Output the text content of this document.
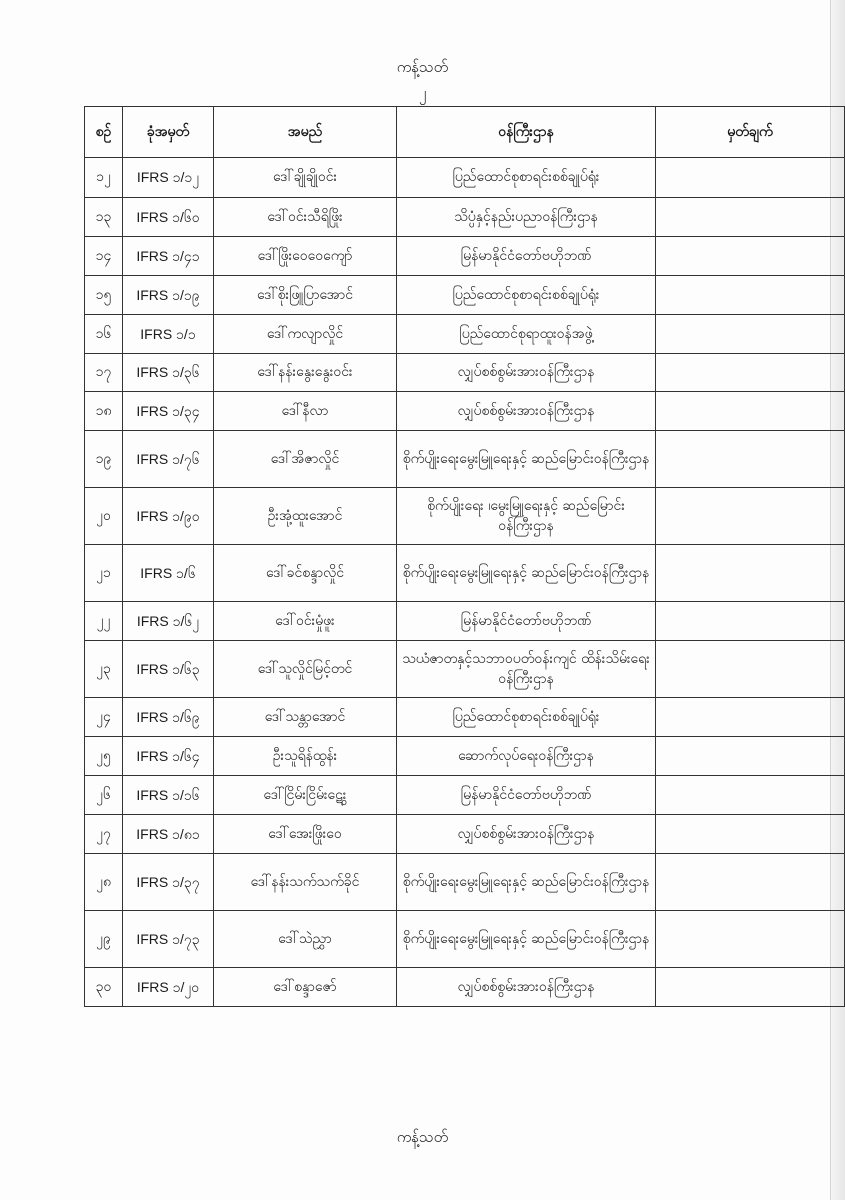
ကန့်သတ်
၂
စဉ်	ခုံအမှတ်	အမည်	ဝန်ကြီးဌာန	မှတ်ချက်
၁၂	IFRS ၁/၁၂	ဒေါ်ချိုချိုဝင်း	ပြည်ထောင်စုစာရင်းစစ်ချုပ်ရုံး	
၁၃	IFRS ၁/၆၀	ဒေါ်ဝင်းသီရိဖြိုး	သိပ္ပံနှင့်နည်းပညာဝန်ကြီးဌာန	
၁၄	IFRS ၁/၄၁	ဒေါ်ဖြိုးဝေဝေကျော်	မြန်မာနိုင်ငံတော်ဗဟိုဘဏ်	
၁၅	IFRS ၁/၁၉	ဒေါ်စိုးဖြူပြာအောင်	ပြည်ထောင်စုစာရင်းစစ်ချုပ်ရုံး	
၁၆	IFRS ၁/၁	ဒေါ်ကလျာလှိုင်	ပြည်ထောင်စုရာထူးဝန်အဖွဲ့	
၁၇	IFRS ၁/၃၆	ဒေါ်နန်းနွေးနွေးဝင်း	လျှပ်စစ်စွမ်းအားဝန်ကြီးဌာန	
၁၈	IFRS ၁/၃၄	ဒေါ်နီလာ	လျှပ်စစ်စွမ်းအားဝန်ကြီးဌာန	
၁၉	IFRS ၁/၇၆	ဒေါ်အိဇာလှိုင်	စိုက်ပျိုးရေးမွေးမြူရေးနှင့် ဆည်မြောင်းဝန်ကြီးဌာန	
၂၀	IFRS ၁/၉၀	ဦးအုံ့ထူးအောင်	စိုက်ပျိုးရေး ၊မွေးမြူရေးနှင့် ဆည်မြောင်းဝန်ကြီးဌာန	
၂၁	IFRS ၁/၆	ဒေါ်ခင်စန္ဒာလှိုင်	စိုက်ပျိုးရေးမွေးမြူရေးနှင့် ဆည်မြောင်းဝန်ကြီးဌာန	
၂၂	IFRS ၁/၆၂	ဒေါ်ဝင်းမှုံဖူး	မြန်မာနိုင်ငံတော်ဗဟိုဘဏ်	
၂၃	IFRS ၁/၆၃	ဒေါ်သူလှိုင်မြင့်တင်	သယံဇာတနှင့်သဘာဝပတ်ဝန်းကျင် ထိန်းသိမ်းရေးဝန်ကြီးဌာန	
၂၄	IFRS ၁/၆၉	ဒေါ်သန္တာအောင်	ပြည်ထောင်စုစာရင်းစစ်ချုပ်ရုံး	
၂၅	IFRS ၁/၆၄	ဦးသူရိန်ထွန်း	ဆောက်လုပ်ရေးဝန်ကြီးဌာန	
၂၆	IFRS ၁/၁၆	ဒေါ်ငြိမ်းငြိမ်းဋွေး	မြန်မာနိုင်ငံတော်ဗဟိုဘဏ်	
၂၇	IFRS ၁/၈၁	ဒေါ်အေးဖြိုးဝေ	လျှပ်စစ်စွမ်းအားဝန်ကြီးဌာန	
၂၈	IFRS ၁/၃၇	ဒေါ်နန်းသက်သက်ခိုင်	စိုက်ပျိုးရေးမွေးမြူရေးနှင့် ဆည်မြောင်းဝန်ကြီးဌာန	
၂၉	IFRS ၁/၇၃	ဒေါ်သဲညွှာ	စိုက်ပျိုးရေးမွေးမြူရေးနှင့် ဆည်မြောင်းဝန်ကြီးဌာန	
၃၀	IFRS ၁/၂၀	ဒေါ်စန္ဒာဇော်	လျှပ်စစ်စွမ်းအားဝန်ကြီးဌာန	
ကန့်သတ်
